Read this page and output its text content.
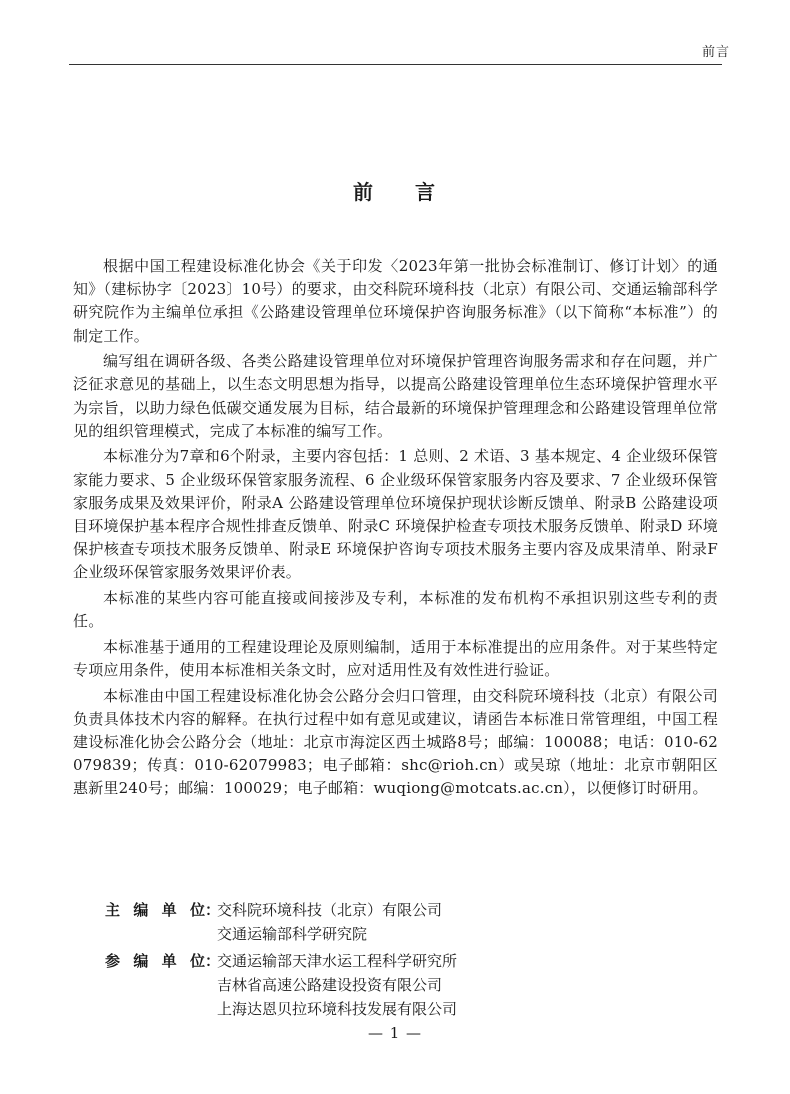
前言
前 言

根据中国工程建设标准化协会《关于印发〈2023年第一批协会标准制订、修订计划〉的通知》（建标协字〔2023〕10号）的要求，由交科院环境科技（北京）有限公司、交通运输部科学研究院作为主编单位承担《公路建设管理单位环境保护咨询服务标准》（以下简称“本标准”）的制定工作。

编写组在调研各级、各类公路建设管理单位对环境保护管理咨询服务需求和存在问题，并广泛征求意见的基础上，以生态文明思想为指导，以提高公路建设管理单位生态环境保护管理水平为宗旨，以助力绿色低碳交通发展为目标，结合最新的环境保护管理理念和公路建设管理单位常见的组织管理模式，完成了本标准的编写工作。

本标准分为7章和6个附录，主要内容包括：1 总则、2 术语、3 基本规定、4 企业级环保管家能力要求、5 企业级环保管家服务流程、6 企业级环保管家服务内容及要求、7 企业级环保管家服务成果及效果评价，附录A 公路建设管理单位环境保护现状诊断反馈单、附录B 公路建设项目环境保护基本程序合规性排查反馈单、附录C 环境保护检查专项技术服务反馈单、附录D 环境保护核查专项技术服务反馈单、附录E 环境保护咨询专项技术服务主要内容及成果清单、附录F 企业级环保管家服务效果评价表。

本标准的某些内容可能直接或间接涉及专利，本标准的发布机构不承担识别这些专利的责任。

本标准基于通用的工程建设理论及原则编制，适用于本标准提出的应用条件。对于某些特定专项应用条件，使用本标准相关条文时，应对适用性及有效性进行验证。

本标准由中国工程建设标准化协会公路分会归口管理，由交科院环境科技（北京）有限公司负责具体技术内容的解释。在执行过程中如有意见或建议，请函告本标准日常管理组，中国工程建设标准化协会公路分会（地址：北京市海淀区西土城路8号；邮编：100088；电话：010-62079839；传真：010-62079983；电子邮箱：shc@rioh.cn）或吴琼（地址：北京市朝阳区惠新里240号；邮编：100029；电子邮箱：wuqiong@motcats.ac.cn），以便修订时研用。

主编单位：
交科院环境科技（北京）有限公司
交通运输部科学研究院
参编单位：
交通运输部天津水运工程科学研究所
吉林省高速公路建设投资有限公司
上海达恩贝拉环境科技发展有限公司
— 1 —
